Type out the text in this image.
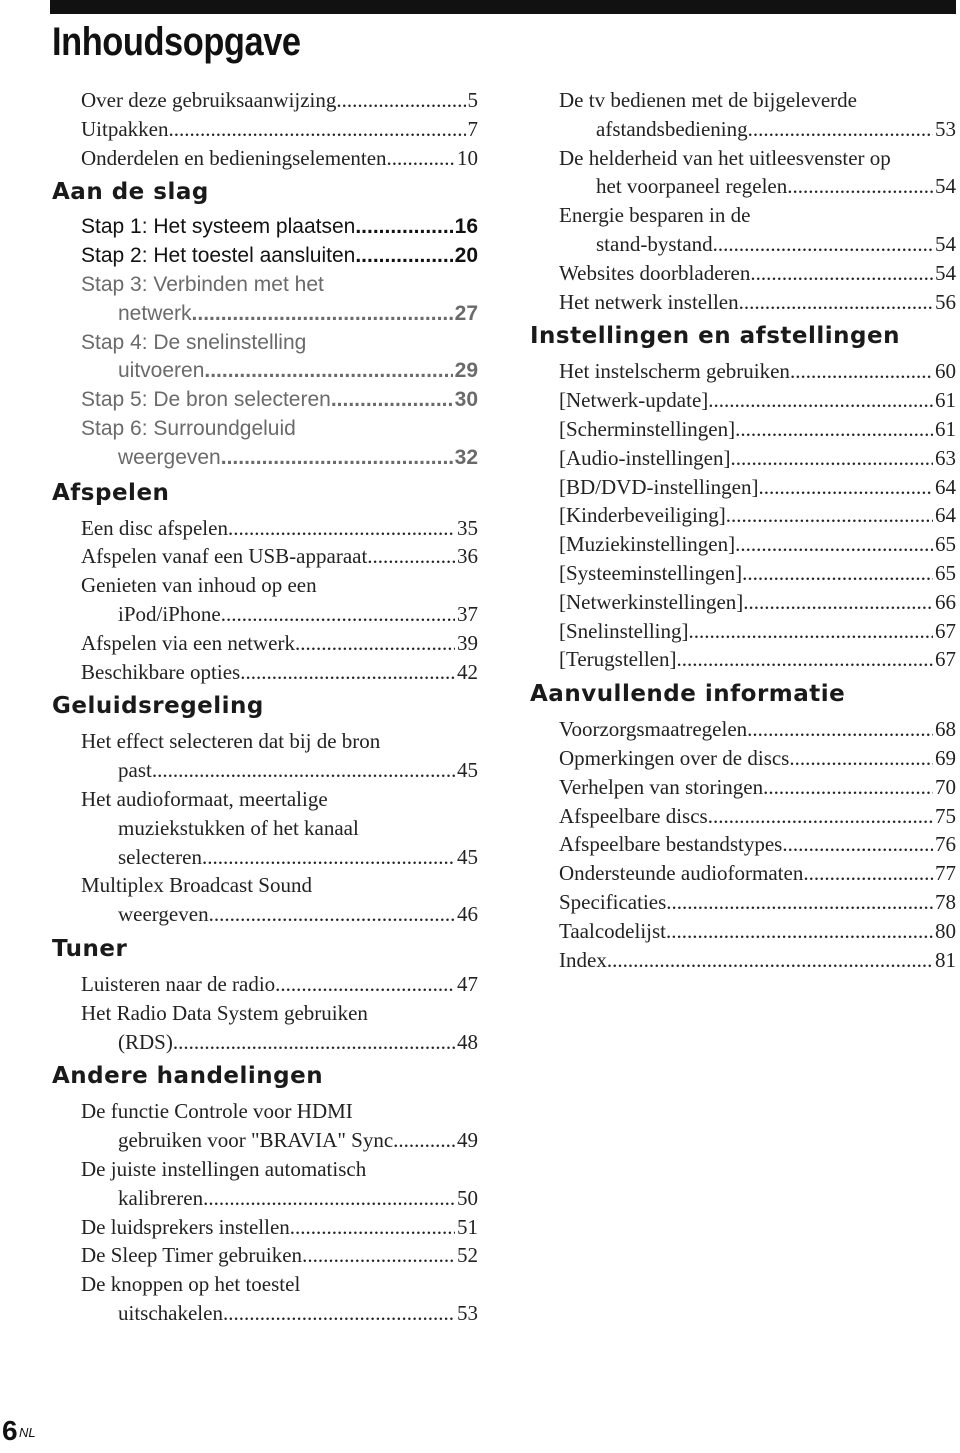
Inhoudsopgave
Over deze gebruiksaanwijzing .....	5
Uitpakken .....	7
Onderdelen en bedieningselementen .....	10
Aan de slag
Stap 1: Het systeem plaatsen .....	16
Stap 2: Het toestel aansluiten .....	20
Stap 3: Verbinden met het
netwerk .....	27
Stap 4: De snelinstelling
uitvoeren .....	29
Stap 5: De bron selecteren .....	30
Stap 6: Surroundgeluid
weergeven .....	32
Afspelen
Een disc afspelen .....	35
Afspelen vanaf een USB-apparaat .....	36
Genieten van inhoud op een
iPod/iPhone .....	37
Afspelen via een netwerk .....	39
Beschikbare opties .....	42
Geluidsregeling
Het effect selecteren dat bij de bron
past .....	45
Het audioformaat, meertalige
muziekstukken of het kanaal
selecteren .....	45
Multiplex Broadcast Sound
weergeven .....	46
Tuner
Luisteren naar de radio .....	47
Het Radio Data System gebruiken
(RDS) .....	48
Andere handelingen
De functie Controle voor HDMI
gebruiken voor "BRAVIA" Sync .....	49
De juiste instellingen automatisch
kalibreren .....	50
De luidsprekers instellen .....	51
De Sleep Timer gebruiken .....	52
De knoppen op het toestel
uitschakelen .....	53
De tv bedienen met de bijgeleverde
afstandsbediening .....	53
De helderheid van het uitleesvenster op
het voorpaneel regelen .....	54
Energie besparen in de
stand-bystand .....	54
Websites doorbladeren .....	54
Het netwerk instellen .....	56
Instellingen en afstellingen
Het instelscherm gebruiken .....	60
[Netwerk-update] .....	61
[Scherminstellingen] .....	61
[Audio-instellingen] .....	63
[BD/DVD-instellingen] .....	64
[Kinderbeveiliging] .....	64
[Muziekinstellingen] .....	65
[Systeeminstellingen] .....	65
[Netwerkinstellingen] .....	66
[Snelinstelling] .....	67
[Terugstellen] .....	67
Aanvullende informatie
Voorzorgsmaatregelen .....	68
Opmerkingen over de discs .....	69
Verhelpen van storingen .....	70
Afspeelbare discs .....	75
Afspeelbare bestandstypes .....	76
Ondersteunde audioformaten .....	77
Specificaties .....	78
Taalcodelijst .....	80
Index .....	81
6 NL
